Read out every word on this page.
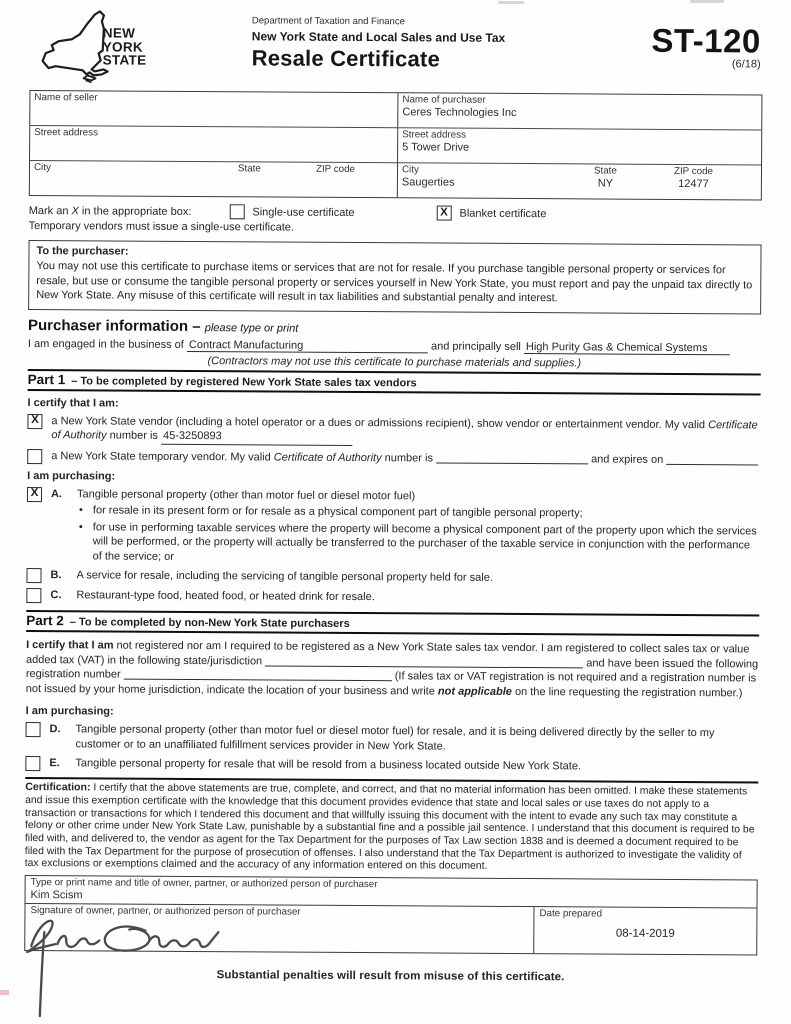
NEW
YORK
STATE
Department of Taxation and Finance
New York State and Local Sales and Use Tax
Resale Certificate	ST-120
(6/18)
Name of seller
Street address
City	State	ZIP code
Name of purchaser
Ceres Technologies Inc
Street address
5 Tower Drive
City
Saugerties
State
NY
ZIP code
12477
Mark an X in the appropriate box:	Single-use certificate	X	Blanket certificate
Temporary vendors must issue a single-use certificate.
To the purchaser:
You may not use this certificate to purchase items or services that are not for resale. If you purchase tangible personal property or services for resale, but use or consume the tangible personal property or services yourself in New York State, you must report and pay the unpaid tax directly to New York State. Any misuse of this certificate will result in tax liabilities and substantial penalty and interest.
Purchaser information – please type or print
I am engaged in the business of Contract Manufacturing	and principally sell High Purity Gas & Chemical Systems
(Contractors may not use this certificate to purchase materials and supplies.)
Part 1 – To be completed by registered New York State sales tax vendors
I certify that I am:
X	a New York State vendor (including a hotel operator or a dues or admissions recipient), show vendor or entertainment vendor. My valid Certificate of Authority number is 45-3250893
a New York State temporary vendor. My valid Certificate of Authority number is	and expires on
I am purchasing:
X	A.	Tangible personal property (other than motor fuel or diesel motor fuel)
• for resale in its present form or for resale as a physical component part of tangible personal property;
• for use in performing taxable services where the property will become a physical component part of the property upon which the services will be performed, or the property will actually be transferred to the purchaser of the taxable service in conjunction with the performance of the service; or
B.	A service for resale, including the servicing of tangible personal property held for sale.
C.	Restaurant-type food, heated food, or heated drink for resale.
Part 2 – To be completed by non-New York State purchasers
I certify that I am not registered nor am I required to be registered as a New York State sales tax vendor. I am registered to collect sales tax or value added tax (VAT) in the following state/jurisdiction	and have been issued the following registration number	(If sales tax or VAT registration is not required and a registration number is not issued by your home jurisdiction, indicate the location of your business and write not applicable on the line requesting the registration number.)
I am purchasing:
D.	Tangible personal property (other than motor fuel or diesel motor fuel) for resale, and it is being delivered directly by the seller to my customer or to an unaffiliated fulfillment services provider in New York State.
E.	Tangible personal property for resale that will be resold from a business located outside New York State.
Certification: I certify that the above statements are true, complete, and correct, and that no material information has been omitted. I make these statements and issue this exemption certificate with the knowledge that this document provides evidence that state and local sales or use taxes do not apply to a transaction or transactions for which I tendered this document and that willfully issuing this document with the intent to evade any such tax may constitute a felony or other crime under New York State Law, punishable by a substantial fine and a possible jail sentence. I understand that this document is required to be filed with, and delivered to, the vendor as agent for the Tax Department for the purposes of Tax Law section 1838 and is deemed a document required to be filed with the Tax Department for the purpose of prosecution of offenses. I also understand that the Tax Department is authorized to investigate the validity of tax exclusions or exemptions claimed and the accuracy of any information entered on this document.
Type or print name and title of owner, partner, or authorized person of purchaser
Kim Scism
Signature of owner, partner, or authorized person of purchaser	Date prepared
08-14-2019
Substantial penalties will result from misuse of this certificate.
